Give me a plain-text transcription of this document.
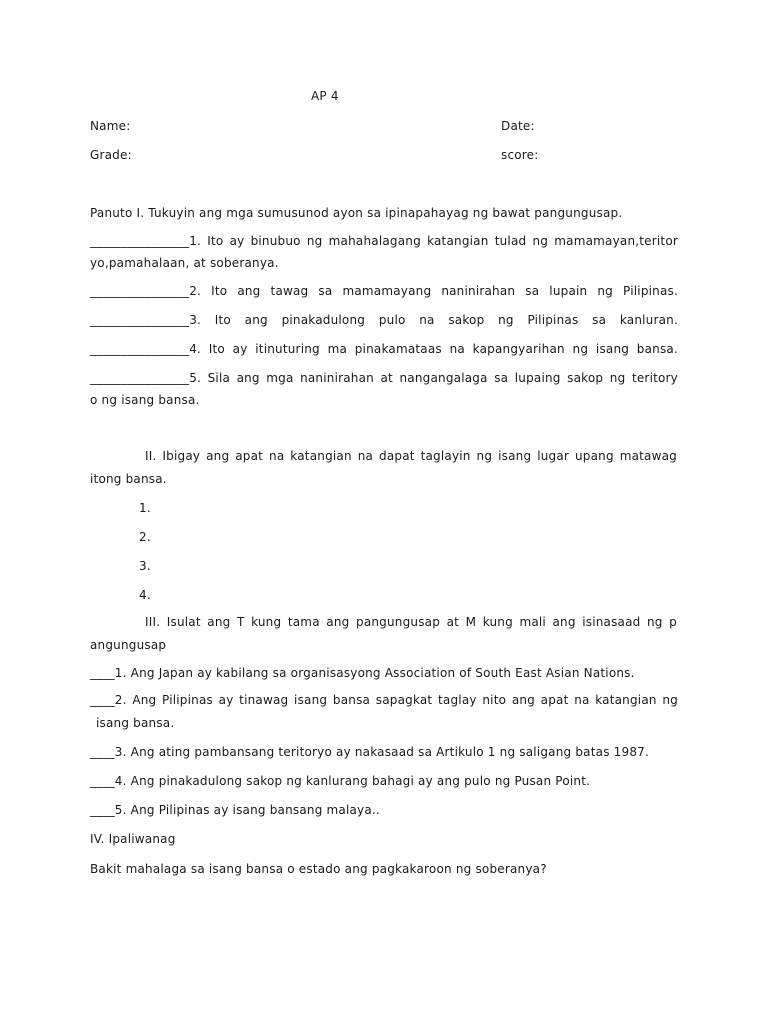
AP 4
Name:	Date:
Grade:	score:
Panuto I. Tukuyin ang mga sumusunod ayon sa ipinapahayag ng bawat pangungusap.
________________1. Ito ay binubuo ng mahahalagang katangian tulad ng mamamayan,teritor
yo,pamahalaan, at soberanya.
________________2. Ito ang tawag sa mamamayang naninirahan sa lupain ng Pilipinas.
________________3. Ito ang pinakadulong pulo na sakop ng Pilipinas sa kanluran.
________________4. Ito ay itinuturing ma pinakamataas na kapangyarihan ng isang bansa.
________________5. Sila ang mga naninirahan at nangangalaga sa lupaing sakop ng teritory
o ng isang bansa.
II. Ibigay ang apat na katangian na dapat taglayin ng isang lugar upang matawag
itong bansa.
1.
2.
3.
4.
III. Isulat ang T kung tama ang pangungusap at M kung mali ang isinasaad ng p
angungusap
____1. Ang Japan ay kabilang sa organisasyong Association of South East Asian Nations.
____2. Ang Pilipinas ay tinawag isang bansa sapagkat taglay nito ang apat na katangian ng
isang bansa.
____3. Ang ating pambansang teritoryo ay nakasaad sa Artikulo 1 ng saligang batas 1987.
____4. Ang pinakadulong sakop ng kanlurang bahagi ay ang pulo ng Pusan Point.
____5. Ang Pilipinas ay isang bansang malaya..
IV. Ipaliwanag
Bakit mahalaga sa isang bansa o estado ang pagkakaroon ng soberanya?
